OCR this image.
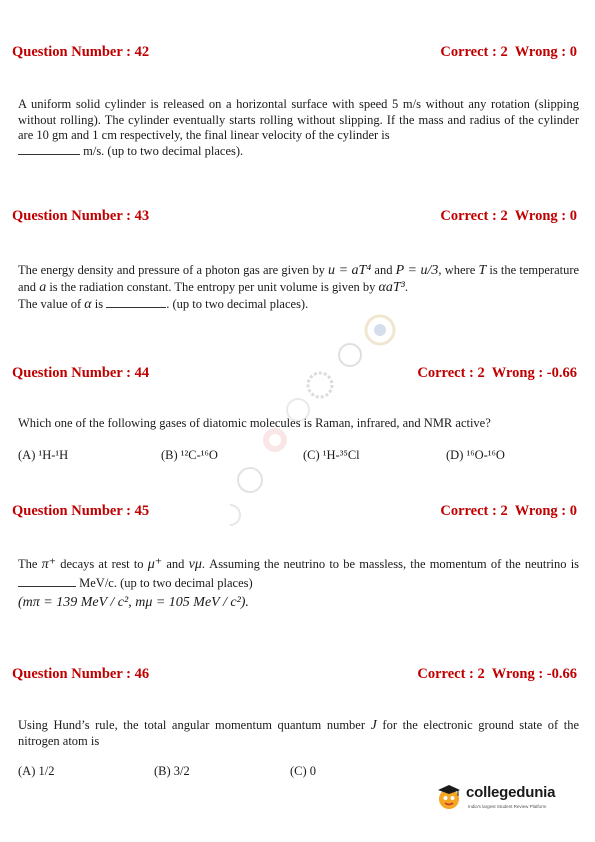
Question Number : 42	Correct : 2  Wrong : 0
A uniform solid cylinder is released on a horizontal surface with speed 5 m/s without any rotation (slipping without rolling). The cylinder eventually starts rolling without slipping. If the mass and radius of the cylinder are 10 gm and 1 cm respectively, the final linear velocity of the cylinder is
m/s. (up to two decimal places).
Question Number : 43	Correct : 2  Wrong : 0
The energy density and pressure of a photon gas are given by u = aT⁴ and P = u/3, where T is the temperature and a is the radiation constant. The entropy per unit volume is given by αaT³.
The value of α is	. (up to two decimal places).
Question Number : 44	Correct : 2  Wrong : -0.66
Which one of the following gases of diatomic molecules is Raman, infrared, and NMR active?
(A) ¹H-¹H	(B) ¹²C-¹⁶O	(C) ¹H-³⁵Cl	(D) ¹⁶O-¹⁶O
Question Number : 45	Correct : 2  Wrong : 0
The π⁺ decays at rest to μ⁺ and νμ. Assuming the neutrino to be massless, the momentum of the neutrino is  MeV/c. (up to two decimal places)
(mπ = 139 MeV / c², mμ = 105 MeV / c²).
Question Number : 46	Correct : 2  Wrong : -0.66
Using Hund’s rule, the total angular momentum quantum number J for the electronic ground state of the nitrogen atom is
(A) 1/2	(B) 3/2	(C) 0
collegedunia
India's largest Student Review Platform
